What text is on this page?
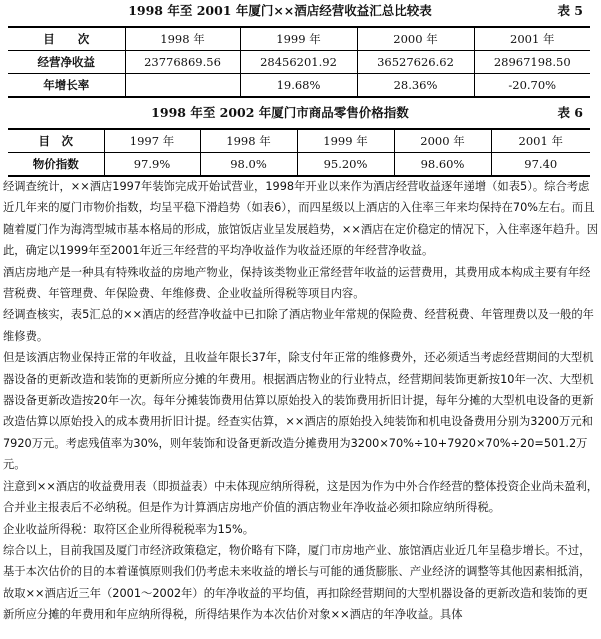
1998 年至 2001 年厦门××酒店经营收益汇总比较表	表 5
目　　次	1998 年	1999 年	2000 年	2001 年
经营净收益	23776869.56	28456201.92	36527626.62	28967198.50
年增长率		19.68%	28.36%	-20.70%
1998 年至 2002 年厦门市商品零售价格指数	表 6
目　次	1997 年	1998 年	1999 年	2000 年	2001 年
物价指数	97.9%	98.0%	95.20%	98.60%	97.40

经调查统计，××酒店1997年装饰完成开始试营业，1998年开业以来作为酒店经营收益逐年递增（如表5）。综合考虑近几年来的厦门市物价指数，均呈平稳下滑趋势（如表6），而四星级以上酒店的入住率三年来均保持在70%左右。而且随着厦门作为海湾型城市基本格局的形成，旅馆饭店业呈发展趋势，××酒店在定价稳定的情况下，入住率逐年趋升。因此，确定以1999年至2001年近三年经营的平均净收益作为收益还原的年经营净收益。

酒店房地产是一种具有特殊收益的房地产物业，保持该类物业正常经营年收益的运营费用，其费用成本构成主要有年经营税费、年管理费、年保险费、年维修费、企业收益所得税等项目内容。

经调查核实，表5汇总的××酒店的经营净收益中已扣除了酒店物业年常规的保险费、经营税费、年管理费以及一般的年维修费。

但是该酒店物业保持正常的年收益，且收益年限长37年，除支付年正常的维修费外，还必须适当考虑经营期间的大型机器设备的更新改造和装饰的更新所应分摊的年费用。根据酒店物业的行业特点，经营期间装饰更新按10年一次、大型机器设备更新改造按20年一次。每年分摊装饰费用估算以原始投入的装饰费用折旧计提，每年分摊的大型机电设备的更新改造估算以原始投入的成本费用折旧计提。经查实估算，××酒店的原始投入纯装饰和机电设备费用分别为3200万元和7920万元。考虑残值率为30%，则年装饰和设备更新改造分摊费用为3200×70%÷10+7920×70%÷20=501.2万元。

注意到××酒店的收益费用表（即损益表）中未体现应纳所得税，这是因为作为中外合作经营的整体投资企业尚未盈利，合并业主报表后不必纳税。但是作为计算酒店房地产价值的酒店物业年净收益必须扣除应纳所得税。

企业收益所得税：取符区企业所得税税率为15%。

综合以上，目前我国及厦门市经济政策稳定，物价略有下降，厦门市房地产业、旅馆酒店业近几年呈稳步增长。不过，基于本次估价的目的本着谨慎原则我们仍考虑未来收益的增长与可能的通货膨胀、产业经济的调整等其他因素相抵消，故取××酒店近三年（2001～2002年）的年净收益的平均值，再扣除经营期间的大型机器设备的更新改造和装饰的更新所应分摊的年费用和年应纳所得税，所得结果作为本次估价对象××酒店的年净收益。具体
